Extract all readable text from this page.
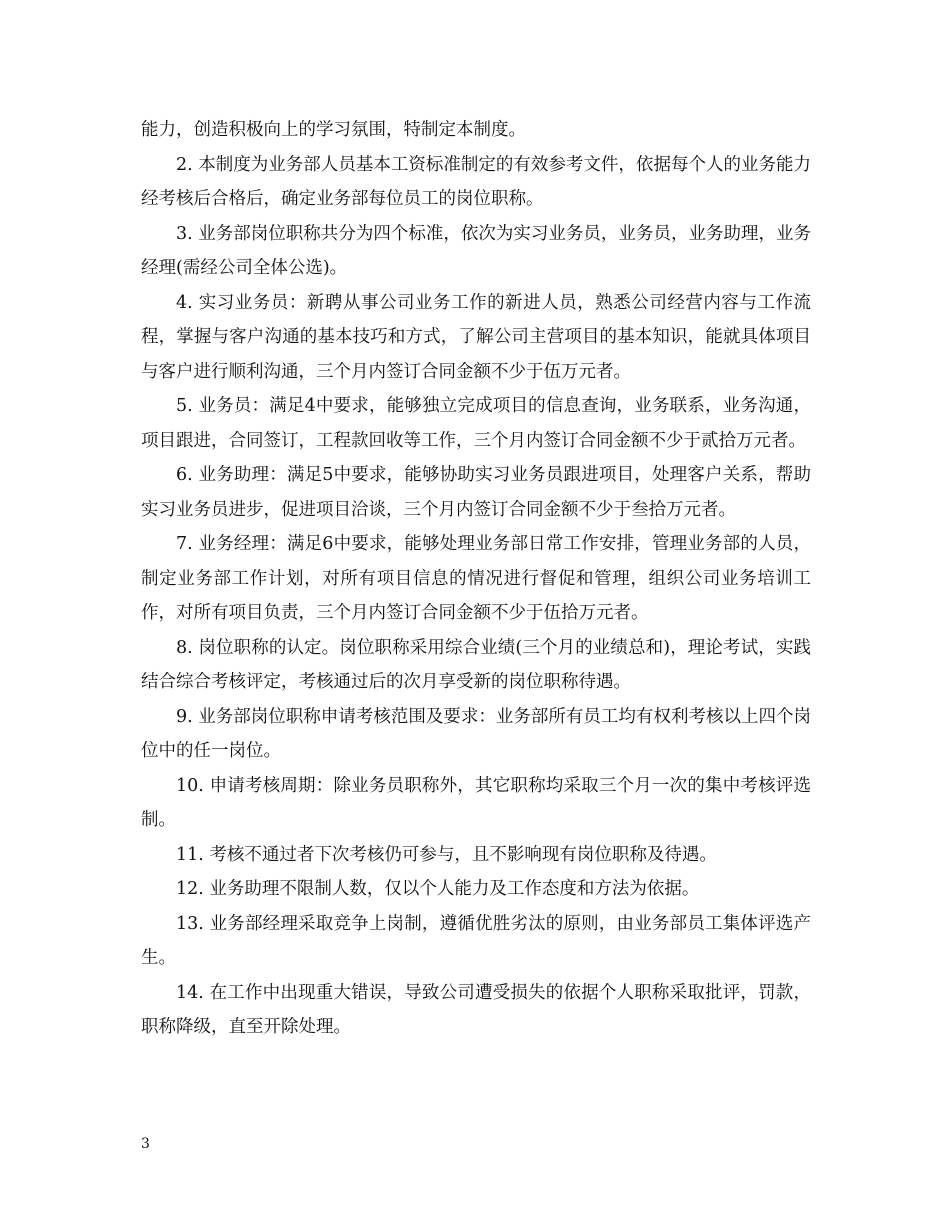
能力，创造积极向上的学习氛围，特制定本制度。

2. 本制度为业务部人员基本工资标准制定的有效参考文件，依据每个人的业务能力经考核后合格后，确定业务部每位员工的岗位职称。

3. 业务部岗位职称共分为四个标准，依次为实习业务员，业务员，业务助理，业务经理(需经公司全体公选)。

4. 实习业务员：新聘从事公司业务工作的新进人员，熟悉公司经营内容与工作流程，掌握与客户沟通的基本技巧和方式，了解公司主营项目的基本知识，能就具体项目与客户进行顺利沟通，三个月内签订合同金额不少于伍万元者。

5. 业务员：满足4中要求，能够独立完成项目的信息查询，业务联系，业务沟通，项目跟进，合同签订，工程款回收等工作，三个月内签订合同金额不少于贰拾万元者。

6. 业务助理：满足5中要求，能够协助实习业务员跟进项目，处理客户关系，帮助实习业务员进步，促进项目洽谈，三个月内签订合同金额不少于叁拾万元者。

7. 业务经理：满足6中要求，能够处理业务部日常工作安排，管理业务部的人员，制定业务部工作计划，对所有项目信息的情况进行督促和管理，组织公司业务培训工作，对所有项目负责，三个月内签订合同金额不少于伍拾万元者。

8. 岗位职称的认定。岗位职称采用综合业绩(三个月的业绩总和)，理论考试，实践结合综合考核评定，考核通过后的次月享受新的岗位职称待遇。

9. 业务部岗位职称申请考核范围及要求：业务部所有员工均有权利考核以上四个岗位中的任一岗位。

10. 申请考核周期：除业务员职称外，其它职称均采取三个月一次的集中考核评选制。

11. 考核不通过者下次考核仍可参与，且不影响现有岗位职称及待遇。

12. 业务助理不限制人数，仅以个人能力及工作态度和方法为依据。

13. 业务部经理采取竞争上岗制，遵循优胜劣汰的原则，由业务部员工集体评选产生。

14. 在工作中出现重大错误，导致公司遭受损失的依据个人职称采取批评，罚款，职称降级，直至开除处理。

3
